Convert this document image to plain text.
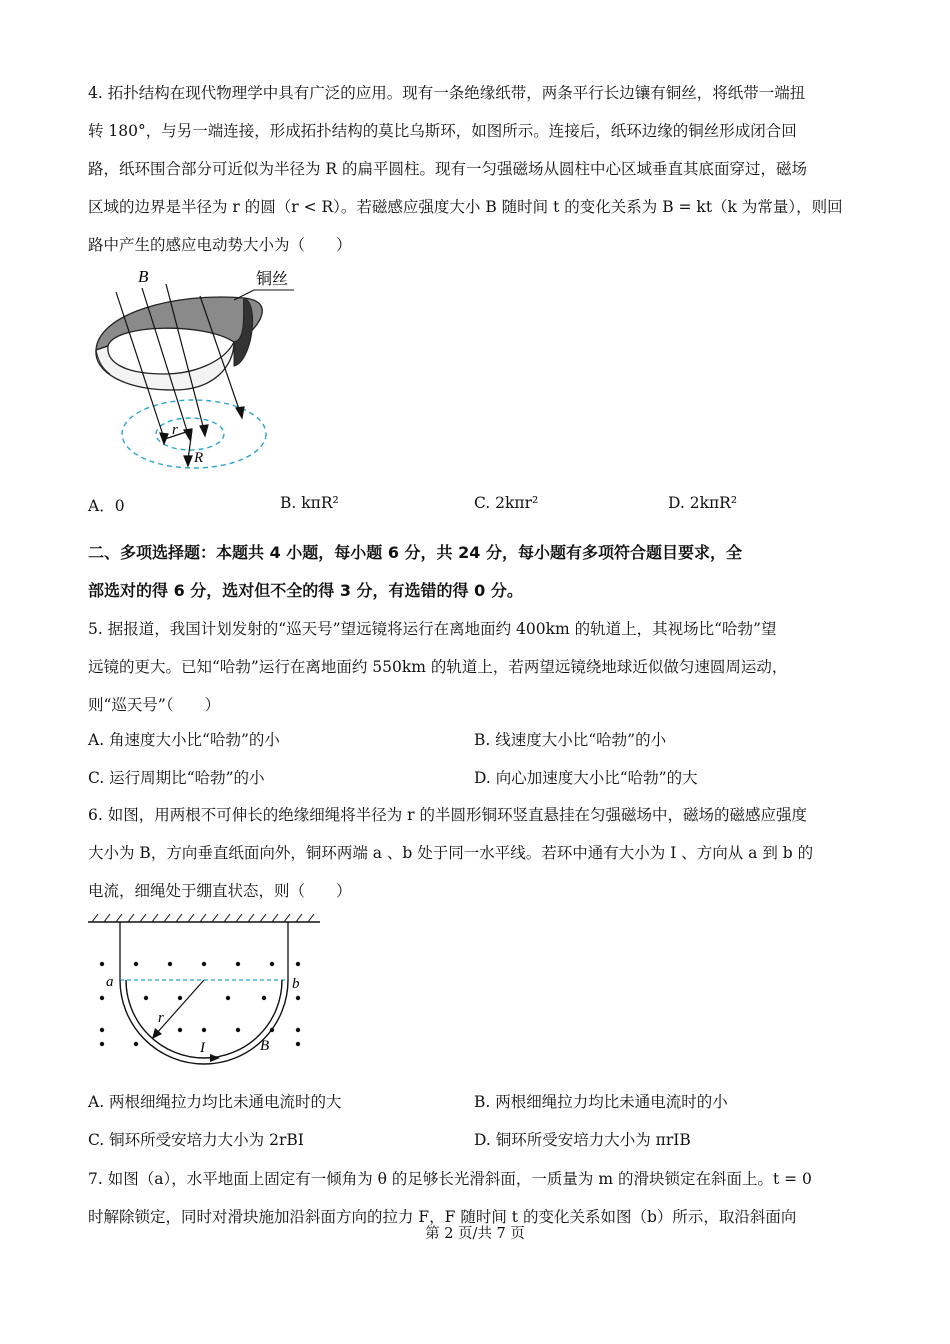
4. 拓扑结构在现代物理学中具有广泛的应用。现有一条绝缘纸带，两条平行长边镶有铜丝，将纸带一端扭
转 180°，与另一端连接，形成拓扑结构的莫比乌斯环，如图所示。连接后，纸环边缘的铜丝形成闭合回
路，纸环围合部分可近似为半径为 R 的扁平圆柱。现有一匀强磁场从圆柱中心区域垂直其底面穿过，磁场
区域的边界是半径为 r 的圆（r < R）。若磁感应强度大小 B 随时间 t 的变化关系为 B = kt（k 为常量），则回
路中产生的感应电动势大小为（　　）
B	铜丝
r
R
A．0	B. kπR²	C. 2kπr²	D. 2kπR²
二、多项选择题：本题共 4 小题，每小题 6 分，共 24 分，每小题有多项符合题目要求，全
部选对的得 6 分，选对但不全的得 3 分，有选错的得 0 分。
5. 据报道，我国计划发射的“巡天号”望远镜将运行在离地面约 400km 的轨道上，其视场比“哈勃”望
远镜的更大。已知“哈勃”运行在离地面约 550km 的轨道上，若两望远镜绕地球近似做匀速圆周运动，
则“巡天号”（　　）
A. 角速度大小比“哈勃”的小	B. 线速度大小比“哈勃”的小
C. 运行周期比“哈勃”的小	D. 向心加速度大小比“哈勃”的大
6. 如图，用两根不可伸长的绝缘细绳将半径为 r 的半圆形铜环竖直悬挂在匀强磁场中，磁场的磁感应强度
大小为 B，方向垂直纸面向外，铜环两端 a 、b 处于同一水平线。若环中通有大小为 I 、方向从 a 到 b 的
电流，细绳处于绷直状态，则（　　）
a	b
r
I	B
A. 两根细绳拉力均比未通电流时的大	B. 两根细绳拉力均比未通电流时的小
C. 铜环所受安培力大小为 2rBI	D. 铜环所受安培力大小为 πrIB
7. 如图（a），水平地面上固定有一倾角为 θ 的足够长光滑斜面，一质量为 m 的滑块锁定在斜面上。t = 0
时解除锁定，同时对滑块施加沿斜面方向的拉力 F，F 随时间 t 的变化关系如图（b）所示，取沿斜面向
第 2 页/共 7 页
